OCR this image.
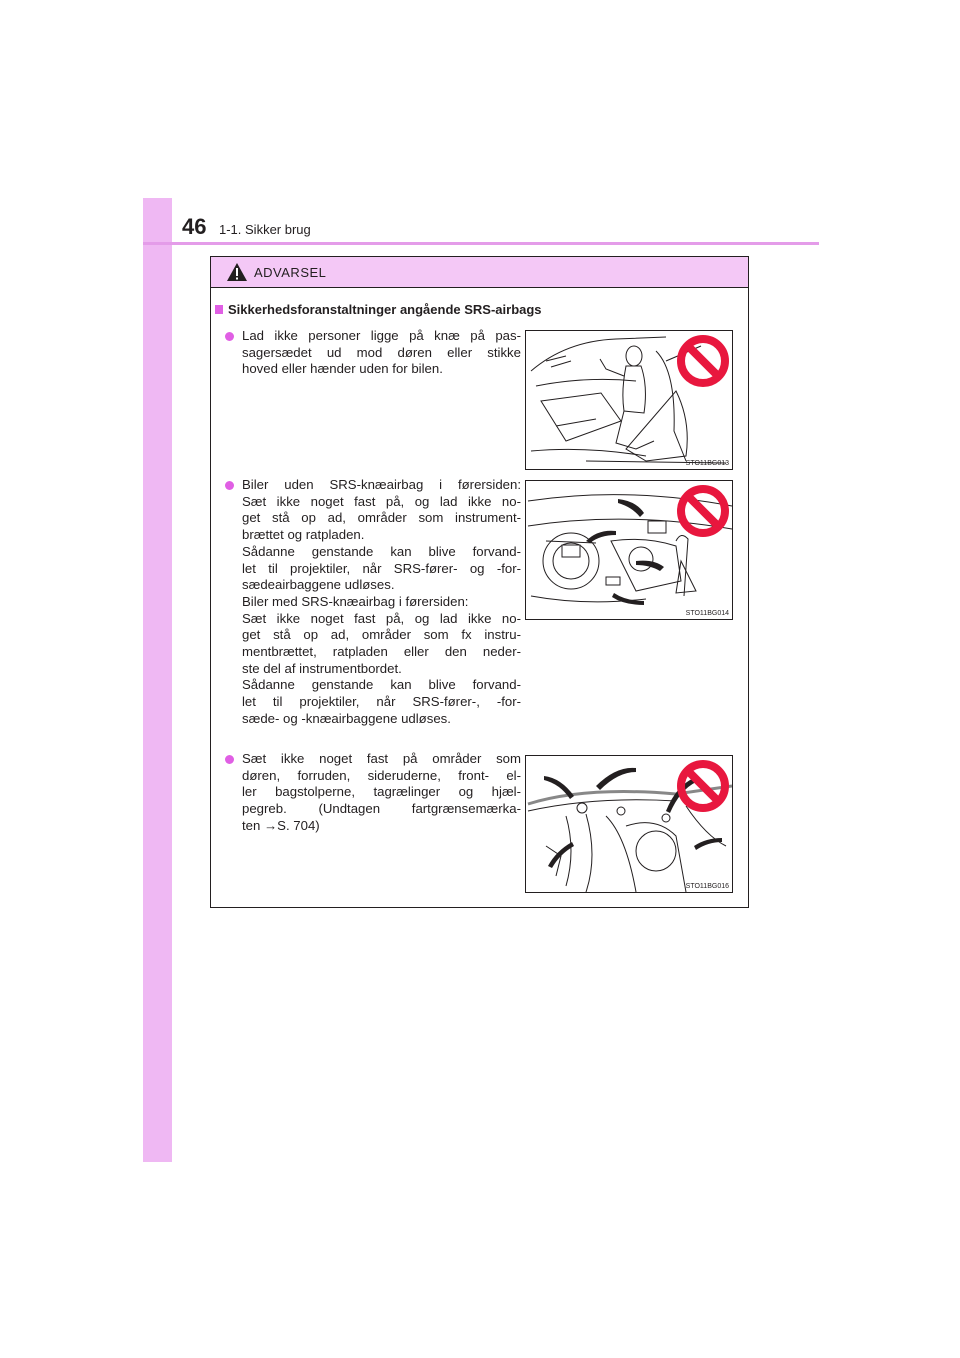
46 1-1. Sikker brug
ADVARSEL
Sikkerhedsforanstaltninger angående SRS-airbags
Lad ikke personer ligge på knæ på pas-
sagersædet ud mod døren eller stikke
hoved eller hænder uden for bilen.
STO11BG013
Biler uden SRS-knæairbag i førersiden:
Sæt ikke noget fast på, og lad ikke no-
get stå op ad, områder som instrument-
brættet og ratpladen.
Sådanne genstande kan blive forvand-
let til projektiler, når SRS-fører- og -for-
sædeairbaggene udløses.
Biler med SRS-knæairbag i førersiden:
Sæt ikke noget fast på, og lad ikke no-
get stå op ad, områder som fx instru-
mentbrættet, ratpladen eller den neder-
ste del af instrumentbordet.
Sådanne genstande kan blive forvand-
let til projektiler, når SRS-fører-, -for-
sæde- og -knæairbaggene udløses.
STO11BG014
Sæt ikke noget fast på områder som
døren, forruden, sideruderne, front- el-
ler bagstolperne, tagrælinger og hjæl-
pegreb. (Undtagen fartgrænsemærka-
ten →S. 704)
STO11BG016
